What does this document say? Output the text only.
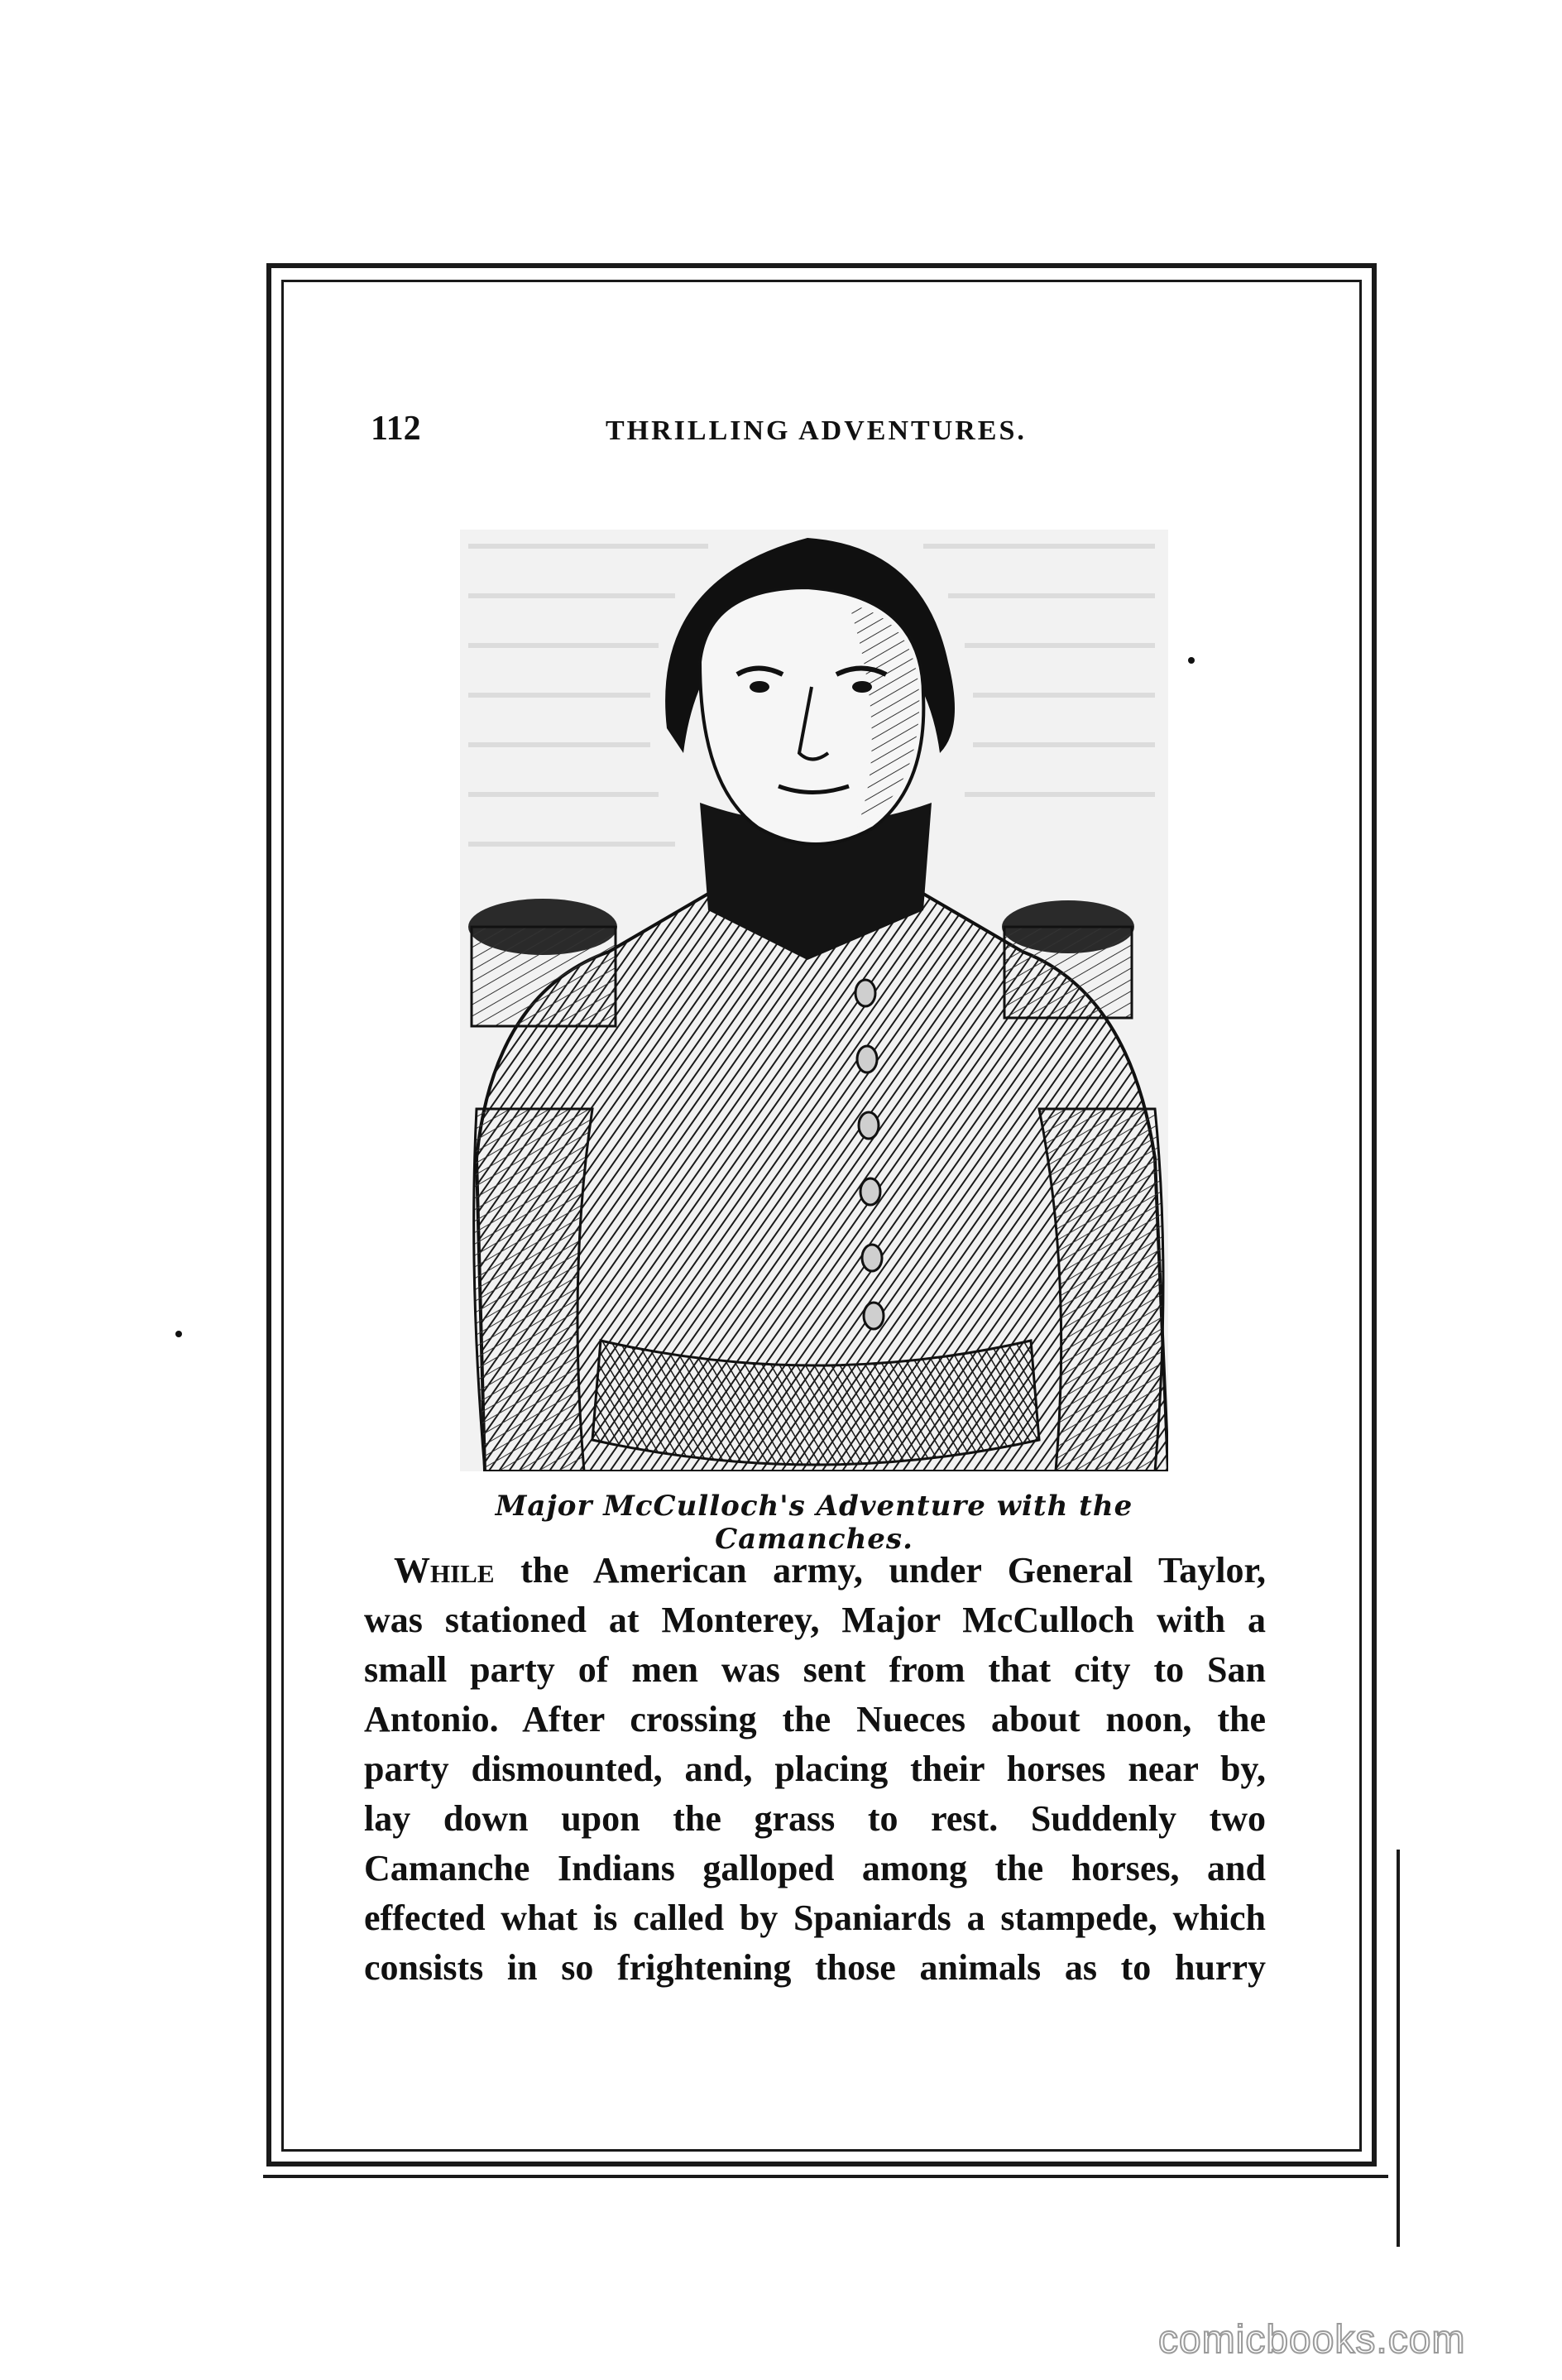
112	THRILLING ADVENTURES.
Major McCulloch's Adventure with the Camanches.
While the American army, under General Taylor,
was stationed at Monterey, Major McCulloch with a
small party of men was sent from that city to San
Antonio. After crossing the Nueces about noon, the
party dismounted, and, placing their horses near by,
lay down upon the grass to rest. Suddenly two
Camanche Indians galloped among the horses, and
effected what is called by Spaniards a stampede, which
consists in so frightening those animals as to hurry
comicbooks.com
